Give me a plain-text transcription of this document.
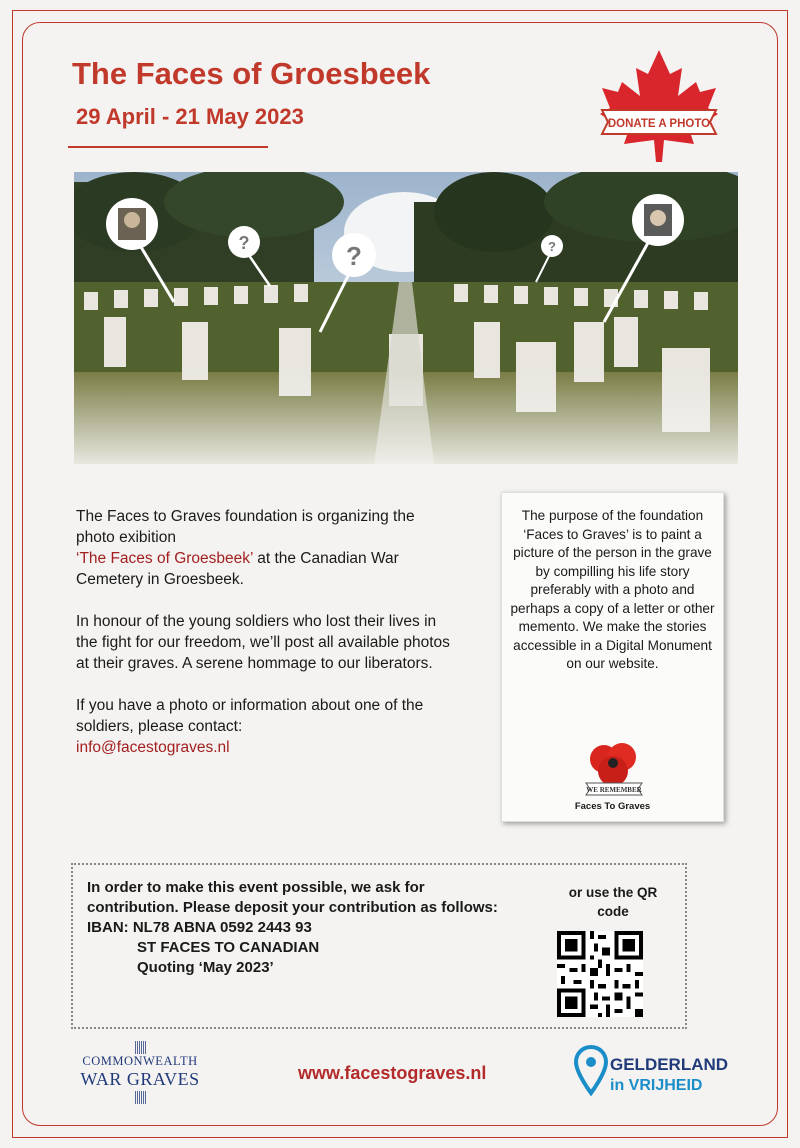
The Faces of Groesbeek
29 April - 21 May 2023	DONATE A PHOTO
?	?	?

The Faces to Graves foundation is organizing the photo exibition
‘The Faces of Groesbeek’ at the Canadian War Cemetery in Groesbeek.

In honour of the young soldiers who lost their lives in the fight for our freedom, we’ll post all available photos at their graves. A serene hommage to our liberators.

If you have a photo or information about one of the soldiers, please contact:
info@facestograves.nl

The purpose of the foundation ‘Faces to Graves’ is to paint a picture of the person in the grave by compilling his life story preferably with a photo and perhaps a copy of a letter or other memento. We make the stories accessible in a Digital Monument on our website.
WE REMEMBER
Faces To Graves
In order to make this event possible, we ask for contribution. Please deposit your contribution as follows:
IBAN: NL78 ABNA 0592 2443 93

ST FACES TO CANADIAN
Quoting ‘May 2023’
or use the QR code
||||||
COMMONWEALTH
WAR GRAVES
||||||
www.facestograves.nl	GELDERLAND
in VRIJHEID
